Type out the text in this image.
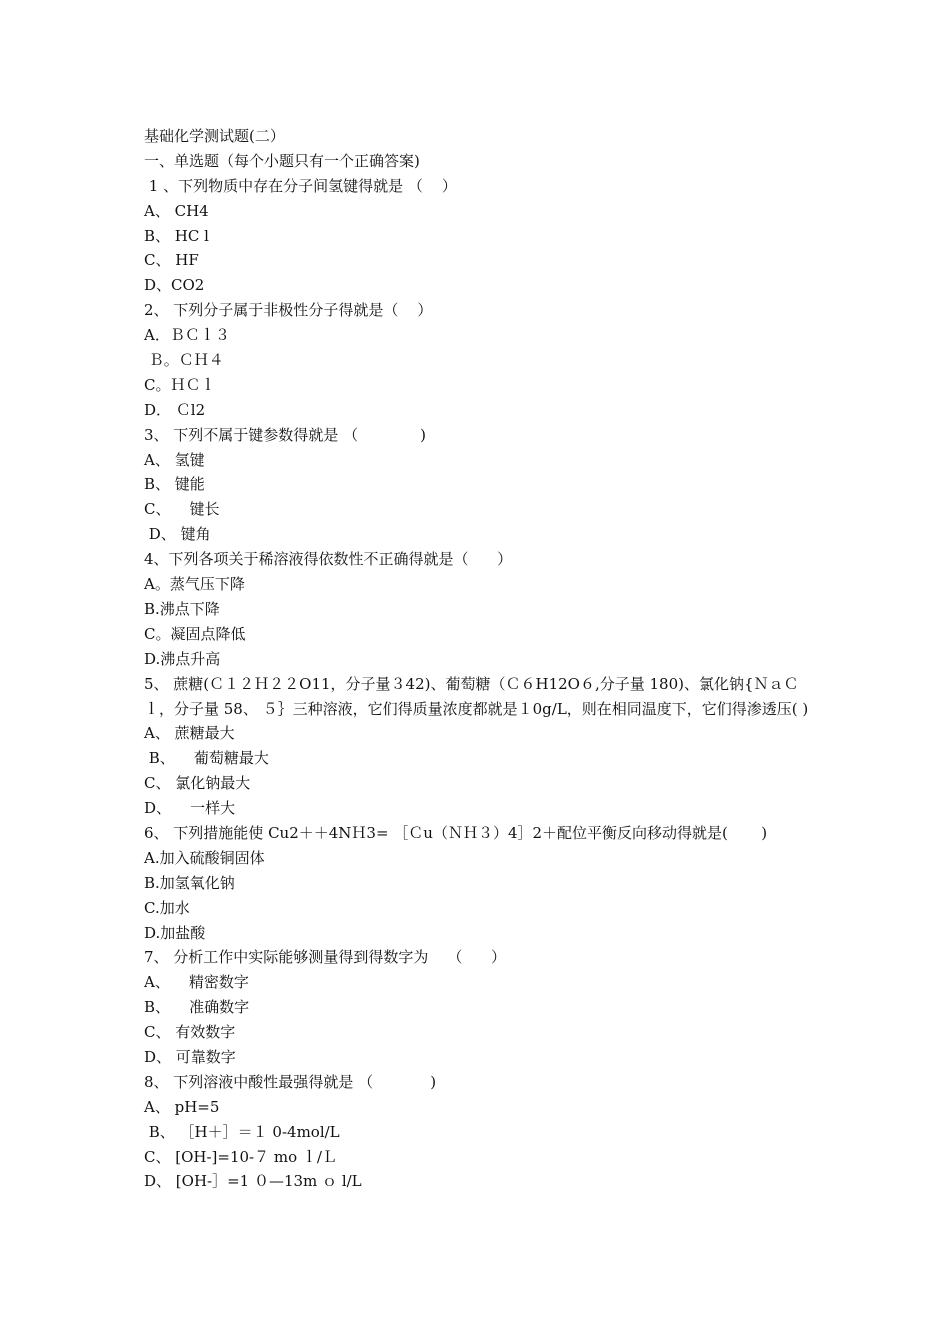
基础化学测试题(二）
一、单选题（每个小题只有一个正确答案)
1 、下列物质中存在分子间氢键得就是 （    ）
A、 CH4
B、 HC l
C、 HF
D、CO2
2、 下列分子属于非极性分子得就是（    ）
A．ＢＣｌ３
Ｂ。ＣＨ４
C。ＨＣｌ
D． Ｃl2
3、 下列不属于键参数得就是 （             )
A、 氢键
B、 键能
C、    键长
D、 键角
4、下列各项关于稀溶液得依数性不正确得就是（      ）
A。蒸气压下降
B.沸点下降
C。凝固点降低
D.沸点升高
5、 蔗糖(Ｃ１２Ｈ２２O11，分子量３42)、葡萄糖（Ｃ６H12O６,分子量 180)、氯化钠{ＮａＣｌ，分子量 58、 ５｝三种溶液，它们得质量浓度都就是１0g/L，则在相同温度下，它们得渗透压( )
A、 蔗糖最大
B、    葡萄糖最大
C、 氯化钠最大
D、    一样大
6、 下列措施能使 Cu2＋＋4NＨ3= ［Ｃu（ＮＨ３）4］2＋配位平衡反向移动得就是(       )
A.加入硫酸铜固体
B.加氢氧化钠
C.加水
D.加盐酸
7、 分析工作中实际能够测量得到得数字为    （      ）
A、    精密数字
B、    准确数字
C、 有效数字
D、 可靠数字
8、 下列溶液中酸性最强得就是 （            )
A、 pH=5
B、 ［H＋］＝１ 0-4mol/L
C、 [OH-]=10-７ mo ｌ/Ｌ
D、 [OH-］=1 ０—13m ｏ l/L
